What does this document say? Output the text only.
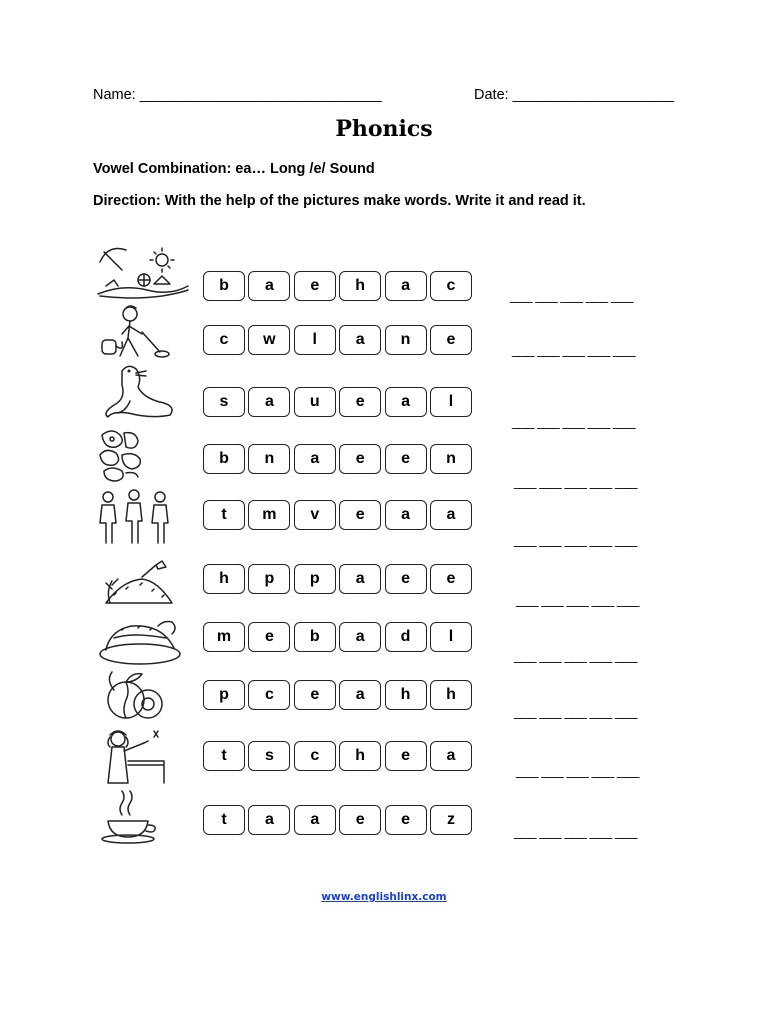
Name: ______________________________	Date: ____________________
Phonics
Vowel Combination: ea… Long /e/ Sound
Direction: With the help of the pictures make words. Write it and read it.
b	a	e	h	a	c
___ ___ ___ ___ ___
c	w	l	a	n	e
___ ___ ___ ___ ___
s	a	u	e	a	l
___ ___ ___ ___ ___
b	n	a	e	e	n
___ ___ ___ ___ ___
t	m	v	e	a	a
___ ___ ___ ___ ___
h	p	p	a	e	e
___ ___ ___ ___ ___
m	e	b	a	d	l
___ ___ ___ ___ ___
p	c	e	a	h	h
___ ___ ___ ___ ___
t	s	c	h	e	a
___ ___ ___ ___ ___
t	a	a	e	e	z
___ ___ ___ ___ ___
www.englishlinx.com
